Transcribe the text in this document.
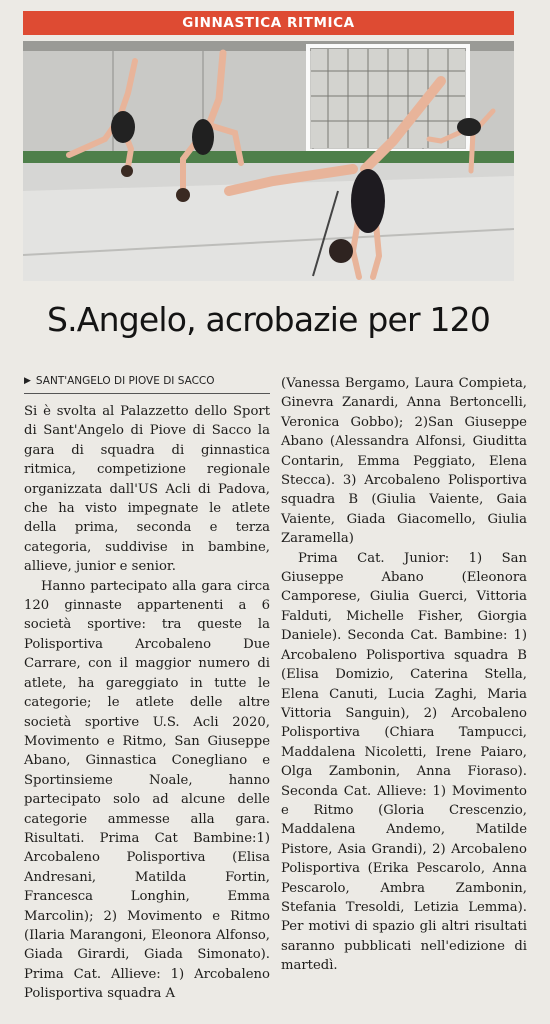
GINNASTICA RITMICA
S.Angelo, acrobazie per 120
▶ SANT'ANGELO DI PIOVE DI SACCO

Si è svolta al Palazzetto dello Sport di Sant'Angelo di Piove di Sacco la gara di squadra di ginnastica ritmica, competizione regionale organizzata dall'US Acli di Padova, che ha visto impegnate le atlete della prima, seconda e terza categoria, suddivise in bambine, allieve, junior e senior.

Hanno partecipato alla gara circa 120 ginnaste appartenenti a 6 società sportive: tra queste la Polisportiva Arcobaleno Due Carrare, con il maggior numero di atlete, ha gareggiato in tutte le categorie; le atlete delle altre società sportive U.S. Acli 2020, Movimento e Ritmo, San Giuseppe Abano, Ginnastica Conegliano e Sportinsieme Noale, hanno partecipato solo ad alcune delle categorie ammesse alla gara. Risultati. Prima Cat Bambine:1) Arcobaleno Polisportiva (Elisa Andresani, Matilda Fortin, Francesca Longhin, Emma Marcolin); 2) Movimento e Ritmo (Ilaria Marangoni, Eleonora Alfonso, Giada Girardi, Giada Simonato). Prima Cat. Allieve: 1) Arcobaleno Polisportiva squadra A

(Vanessa Bergamo, Laura Compieta, Ginevra Zanardi, Anna Bertoncelli, Veronica Gobbo); 2)San Giuseppe Abano (Alessandra Alfonsi, Giuditta Contarin, Emma Peggiato, Elena Stecca). 3) Arcobaleno Polisportiva squadra B (Giulia Vaiente, Gaia Vaiente, Giada Giacomello, Giulia Zaramella)

Prima Cat. Junior: 1) San Giuseppe Abano (Eleonora Camporese, Giulia Guerci, Vittoria Falduti, Michelle Fisher, Giorgia Daniele). Seconda Cat. Bambine: 1) Arcobaleno Polisportiva squadra B (Elisa Domizio, Caterina Stella, Elena Canuti, Lucia Zaghi, Maria Vittoria Sanguin), 2) Arcobaleno Polisportiva (Chiara Tampucci, Maddalena Nicoletti, Irene Paiaro, Olga Zambonin, Anna Fioraso). Seconda Cat. Allieve: 1) Movimento e Ritmo (Gloria Crescenzio, Maddalena Andemo, Matilde Pistore, Asia Grandi), 2) Arcobaleno Polisportiva (Erika Pescarolo, Anna Pescarolo, Ambra Zambonin, Stefania Tresoldi, Letizia Lemma). Per motivi di spazio gli altri risultati saranno pubblicati nell'edizione di martedì.
